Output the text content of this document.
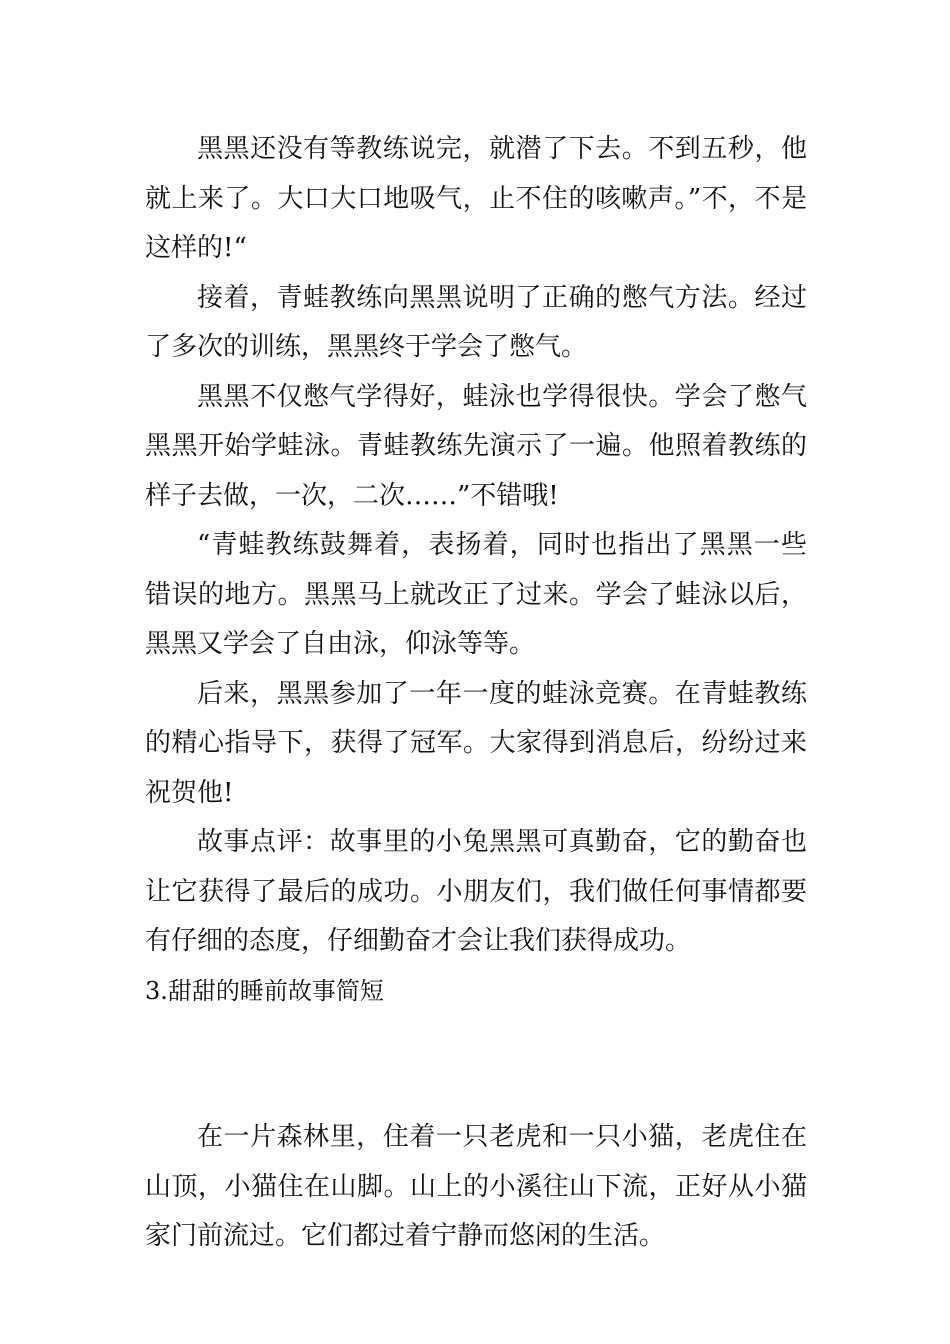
黑黑还没有等教练说完，就潜了下去。不到五秒，他就上来了。大口大口地吸气，止不住的咳嗽声。”不，不是这样的!“

接着，青蛙教练向黑黑说明了正确的憋气方法。经过了多次的训练，黑黑终于学会了憋气。

黑黑不仅憋气学得好，蛙泳也学得很快。学会了憋气黑黑开始学蛙泳。青蛙教练先演示了一遍。他照着教练的样子去做，一次，二次……”不错哦!

“青蛙教练鼓舞着，表扬着，同时也指出了黑黑一些错误的地方。黑黑马上就改正了过来。学会了蛙泳以后，黑黑又学会了自由泳，仰泳等等。

后来，黑黑参加了一年一度的蛙泳竞赛。在青蛙教练的精心指导下，获得了冠军。大家得到消息后，纷纷过来祝贺他!

故事点评：故事里的小兔黑黑可真勤奋，它的勤奋也让它获得了最后的成功。小朋友们，我们做任何事情都要有仔细的态度，仔细勤奋才会让我们获得成功。

3.甜甜的睡前故事简短

在一片森林里，住着一只老虎和一只小猫，老虎住在山顶，小猫住在山脚。山上的小溪往山下流，正好从小猫家门前流过。它们都过着宁静而悠闲的生活。
